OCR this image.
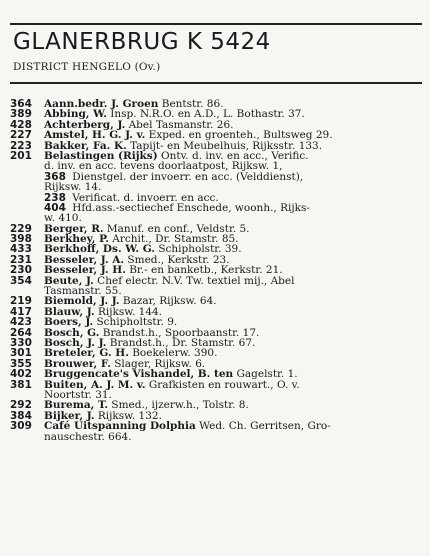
GLANERBRUG K 5424
DISTRICT HENGELO (Ov.)
364 Aann.bedr. J. Groen Bentstr. 86.
389 Abbing, W. Insp. N.R.O. en A.D., L. Bothastr. 37.
428 Achterberg, J. Abel Tasmanstr. 26.
227 Amstel, H. G. J. v. Exped. en groenteh., Bultsweg 29.
223 Bakker, Fa. K. Tapijt- en Meubelhuis, Rijksstr. 133.
201 Belastingen (Rijks) Ontv. d. inv. en acc., Verific.
d. inv. en acc. tevens doorlaatpost, Rijksw. 1,
368 Dienstgel. der invoerr. en acc. (Velddienst),
Rijksw. 14.
238 Verificat. d. invoerr. en acc.
404 Hfd.ass.-sectiechef Enschede, woonh., Rijks-
w. 410.
229 Berger, R. Manuf. en conf., Veldstr. 5.
398 Berkhey, P. Archit., Dr. Stamstr. 85.
433 Berkhoff, Ds. W. G. Schipholstr. 39.
231 Besseler, J. A. Smed., Kerkstr. 23.
230 Besseler, J. H. Br.- en banketb., Kerkstr. 21.
354 Beute, J. Chef electr. N.V. Tw. textiel mij., Abel
Tasmanstr. 55.
219 Biemold, J. J. Bazar, Rijksw. 64.
417 Blauw, J. Rijksw. 144.
423 Boers, J. Schipholtstr. 9.
264 Bosch, G. Brandst.h., Spoorbaanstr. 17.
330 Bosch, J. J. Brandst.h., Dr. Stamstr. 67.
301 Breteler, G. H. Boekelerw. 390.
355 Brouwer, F. Slager, Rijksw. 6.
402 Bruggencate's Vishandel, B. ten Gagelstr. 1.
381 Buiten, A. J. M. v. Grafkisten en rouwart., O. v.
Noortstr. 31.
292 Burema, T. Smed., ijzerw.h., Tolstr. 8.
384 Bijker, J. Rijksw. 132.
309 Café Uitspanning Dolphia Wed. Ch. Gerritsen, Gro-
nauschestr. 664.
